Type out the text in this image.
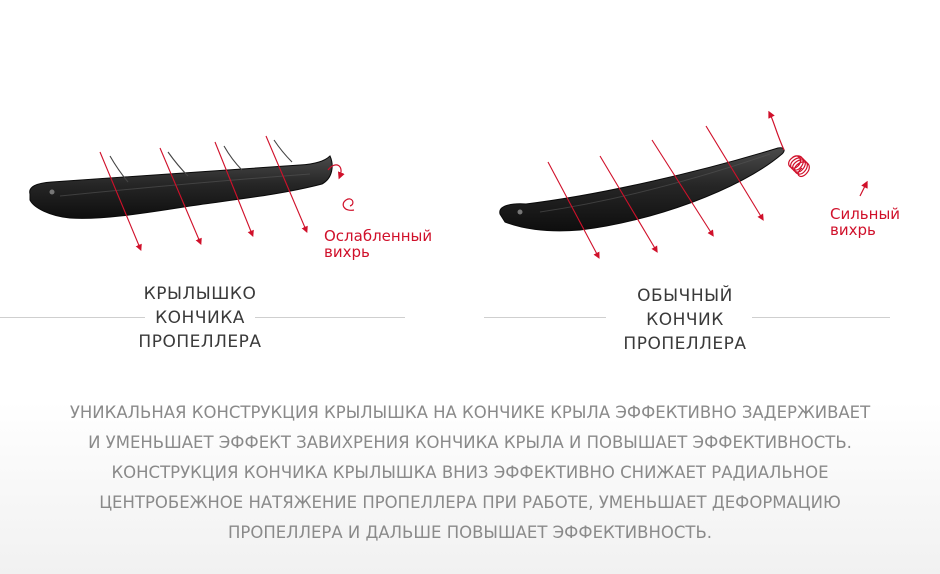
Ослабленный
вихрь
КРЫЛЫШКО
КОНЧИКА
ПРОПЕЛЛЕРА
Сильный
вихрь
ОБЫЧНЫЙ
КОНЧИК
ПРОПЕЛЛЕРА
УНИКАЛЬНАЯ КОНСТРУКЦИЯ КРЫЛЫШКА НА КОНЧИКЕ КРЫЛА ЭФФЕКТИВНО ЗАДЕРЖИВАЕТ
И УМЕНЬШАЕТ ЭФФЕКТ ЗАВИХРЕНИЯ КОНЧИКА КРЫЛА И ПОВЫШАЕТ ЭФФЕКТИВНОСТЬ.
КОНСТРУКЦИЯ КОНЧИКА КРЫЛЫШКА ВНИЗ ЭФФЕКТИВНО СНИЖАЕТ РАДИАЛЬНОЕ
ЦЕНТРОБЕЖНОЕ НАТЯЖЕНИЕ ПРОПЕЛЛЕРА ПРИ РАБОТЕ, УМЕНЬШАЕТ ДЕФОРМАЦИЮ
ПРОПЕЛЛЕРА И ДАЛЬШЕ ПОВЫШАЕТ ЭФФЕКТИВНОСТЬ.
